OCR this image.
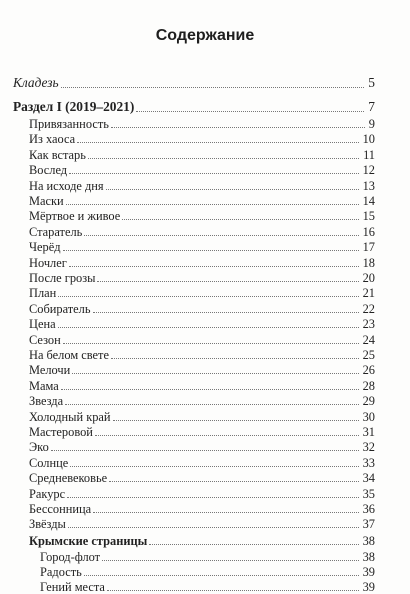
Содержание
Кладезь	5
Раздел I (2019–2021)	7
Привязанность	9
Из хаоса	10
Как встарь	11
Вослед	12
На исходе дня	13
Маски	14
Мёртвое и живое	15
Старатель	16
Черёд	17
Ночлег	18
После грозы	20
План	21
Собиратель	22
Цена	23
Сезон	24
На белом свете	25
Мелочи	26
Мама	28
Звезда	29
Холодный край	30
Мастеровой	31
Эко	32
Солнце	33
Средневековье	34
Ракурс	35
Бессонница	36
Звёзды	37
Крымские страницы	38
Город-флот	38
Радость	39
Гений места	39
